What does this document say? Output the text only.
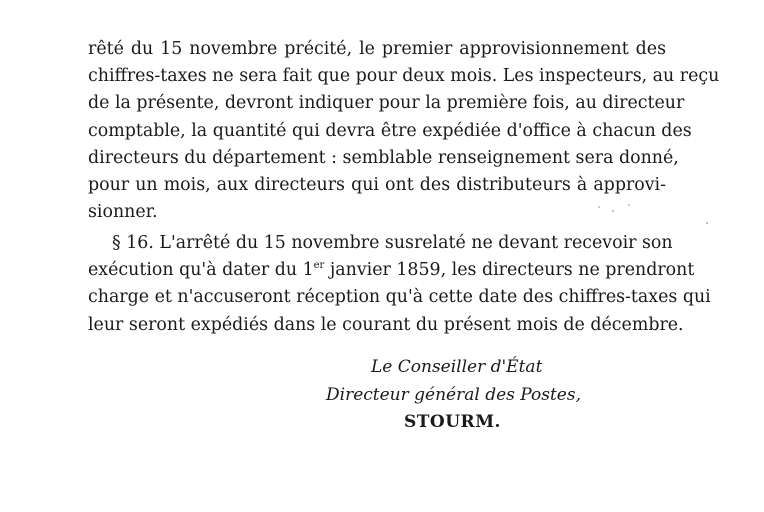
rêté du 15 novembre précité, le premier approvisionnement des
chiffres-taxes ne sera fait que pour deux mois. Les inspecteurs, au reçu
de la présente, devront indiquer pour la première fois, au directeur
comptable, la quantité qui devra être expédiée d'office à chacun des
directeurs du département : semblable renseignement sera donné,
pour un mois, aux directeurs qui ont des distributeurs à approvi-
sionner.
§ 16. L'arrêté du 15 novembre susrelaté ne devant recevoir son
exécution qu'à dater du 1er janvier 1859, les directeurs ne prendront
charge et n'accuseront réception qu'à cette date des chiffres-taxes qui
leur seront expédiés dans le courant du présent mois de décembre.
Le Conseiller d'État
Directeur général des Postes,
STOURM.
